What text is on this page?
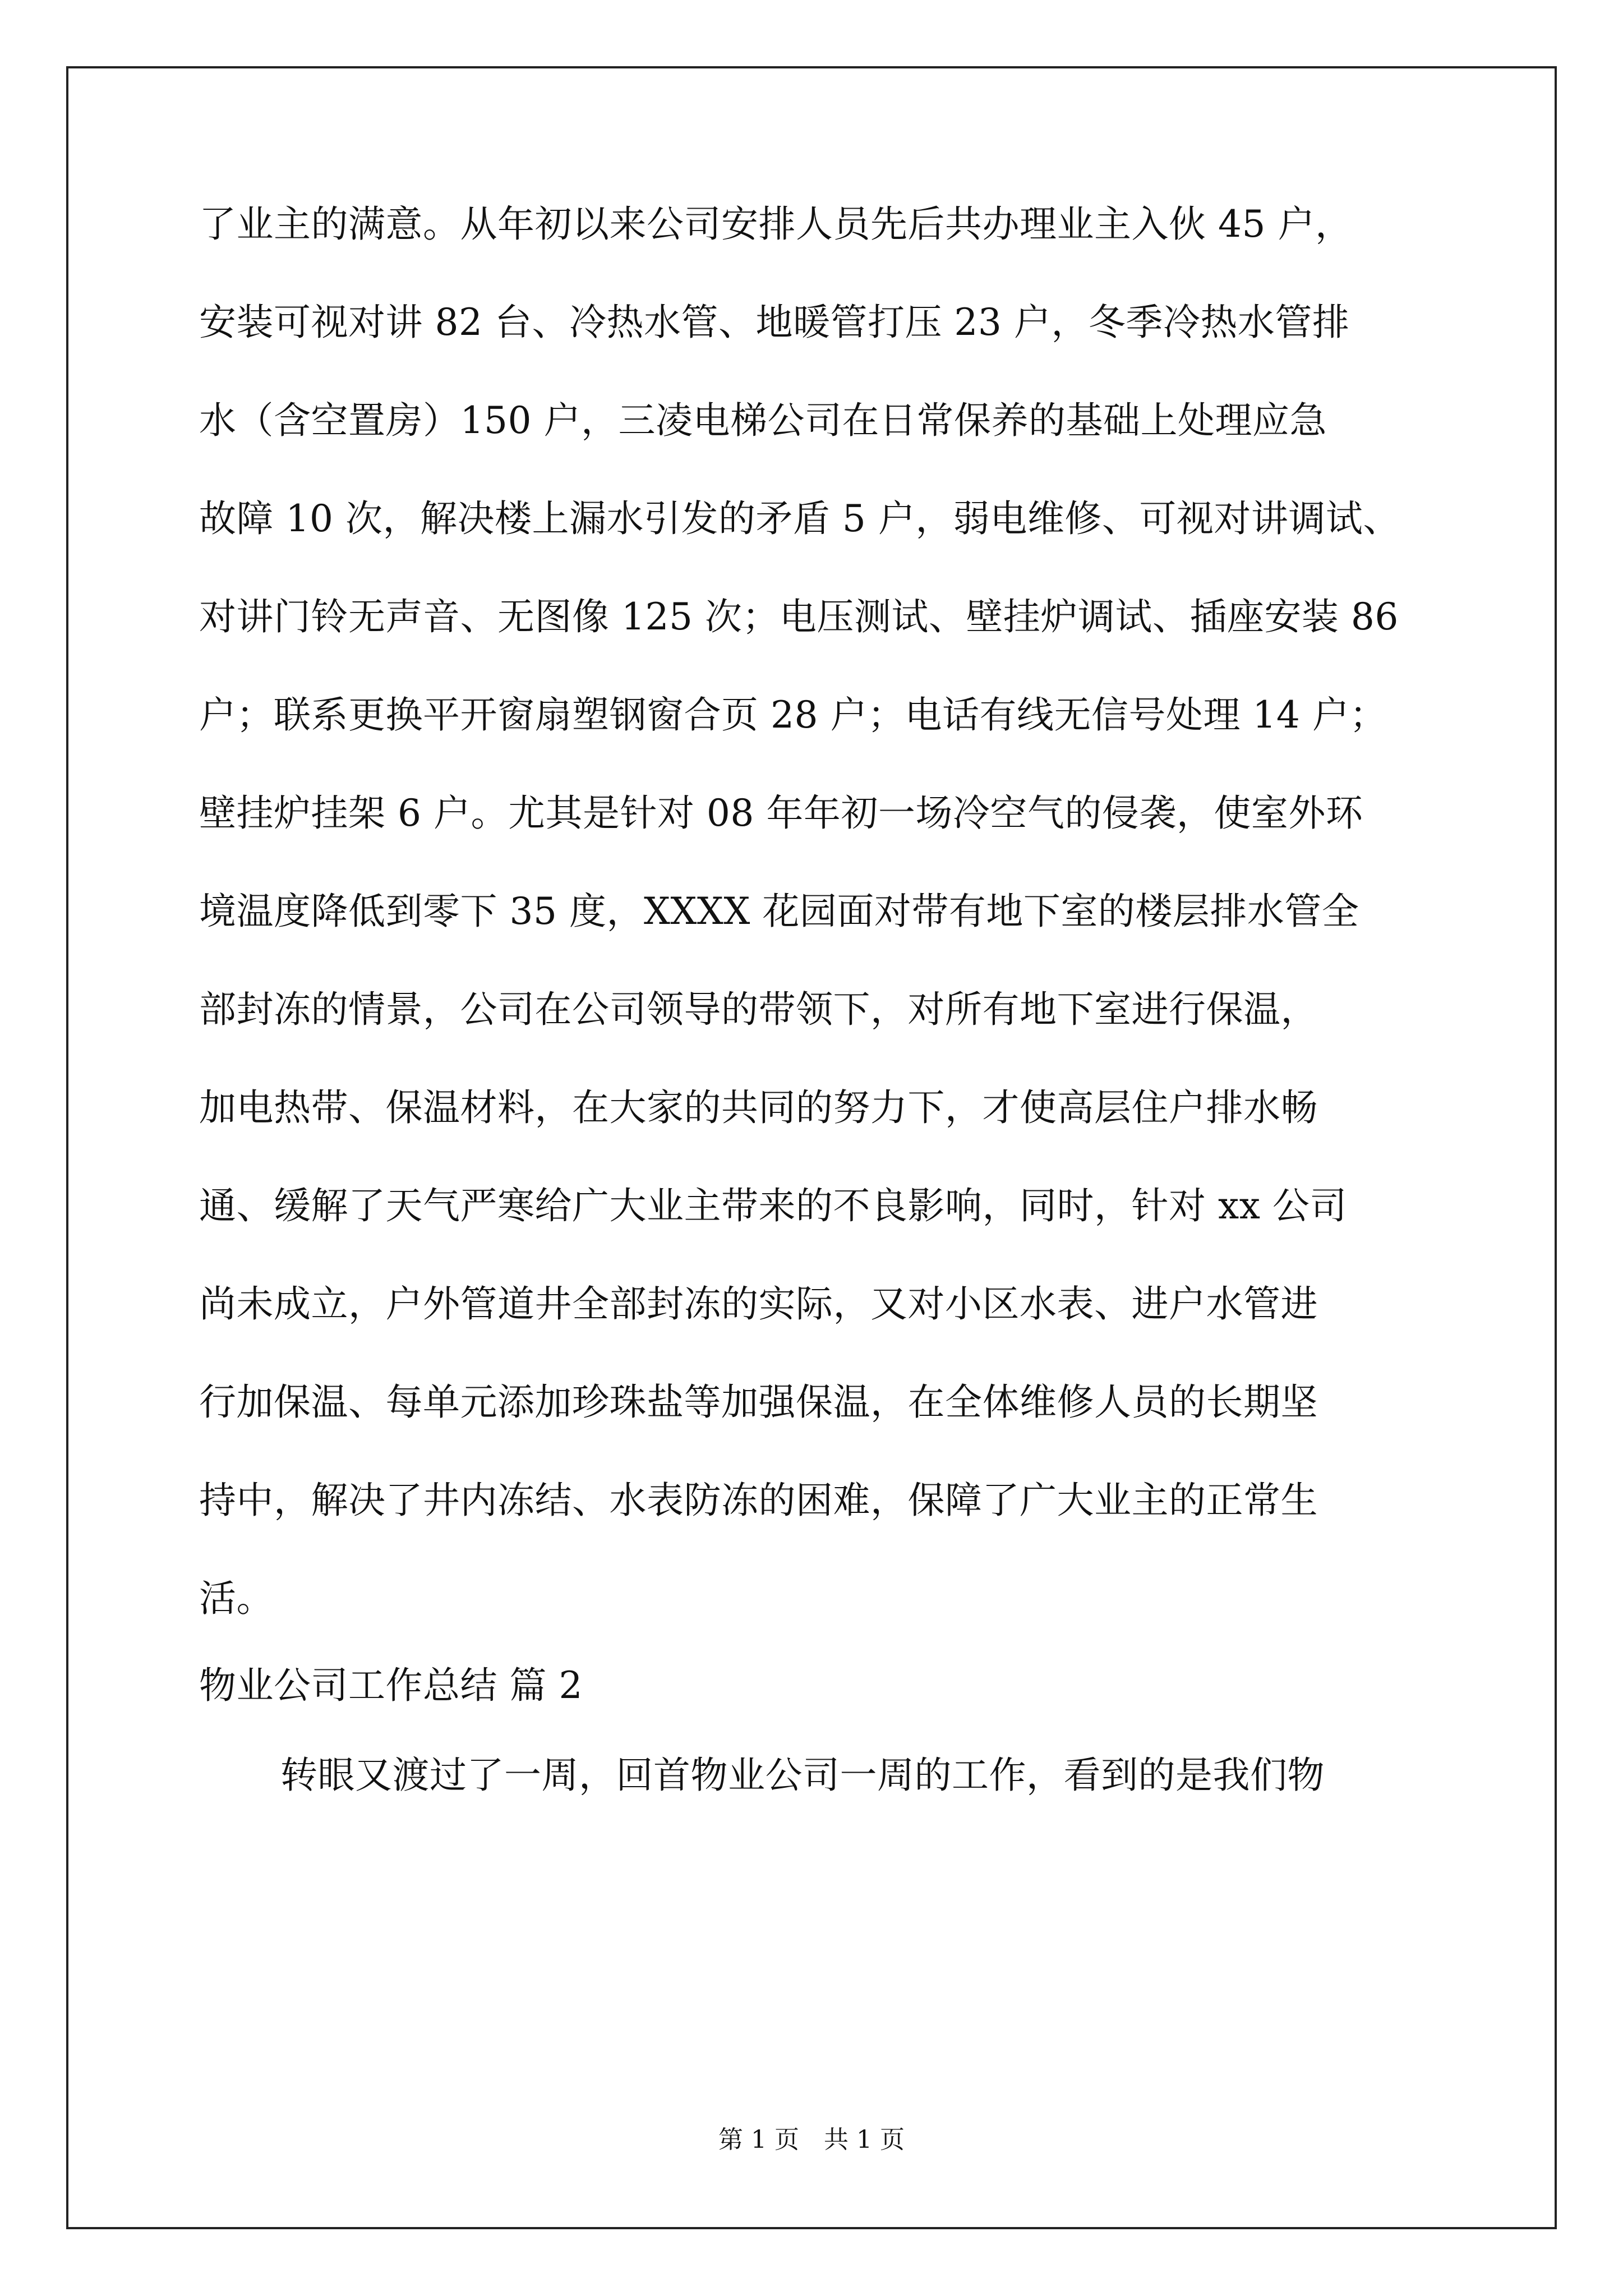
了业主的满意。从年初以来公司安排人员先后共办理业主入伙 45 户，
安装可视对讲 82 台、冷热水管、地暖管打压 23 户，冬季冷热水管排
水（含空置房）150 户，三凌电梯公司在日常保养的基础上处理应急
故障 10 次，解决楼上漏水引发的矛盾 5 户，弱电维修、可视对讲调试、
对讲门铃无声音、无图像 125 次；电压测试、壁挂炉调试、插座安装 86
户；联系更换平开窗扇塑钢窗合页 28 户；电话有线无信号处理 14 户；
壁挂炉挂架 6 户。尤其是针对 08 年年初一场冷空气的侵袭，使室外环
境温度降低到零下 35 度，XXXX 花园面对带有地下室的楼层排水管全
部封冻的情景，公司在公司领导的带领下，对所有地下室进行保温，
加电热带、保温材料，在大家的共同的努力下，才使高层住户排水畅
通、缓解了天气严寒给广大业主带来的不良影响，同时，针对 xx 公司
尚未成立，户外管道井全部封冻的实际，又对小区水表、进户水管进
行加保温、每单元添加珍珠盐等加强保温，在全体维修人员的长期坚
持中，解决了井内冻结、水表防冻的困难，保障了广大业主的正常生
活。
物业公司工作总结 篇 2
转眼又渡过了一周，回首物业公司一周的工作，看到的是我们物
第 1 页　共 1 页
